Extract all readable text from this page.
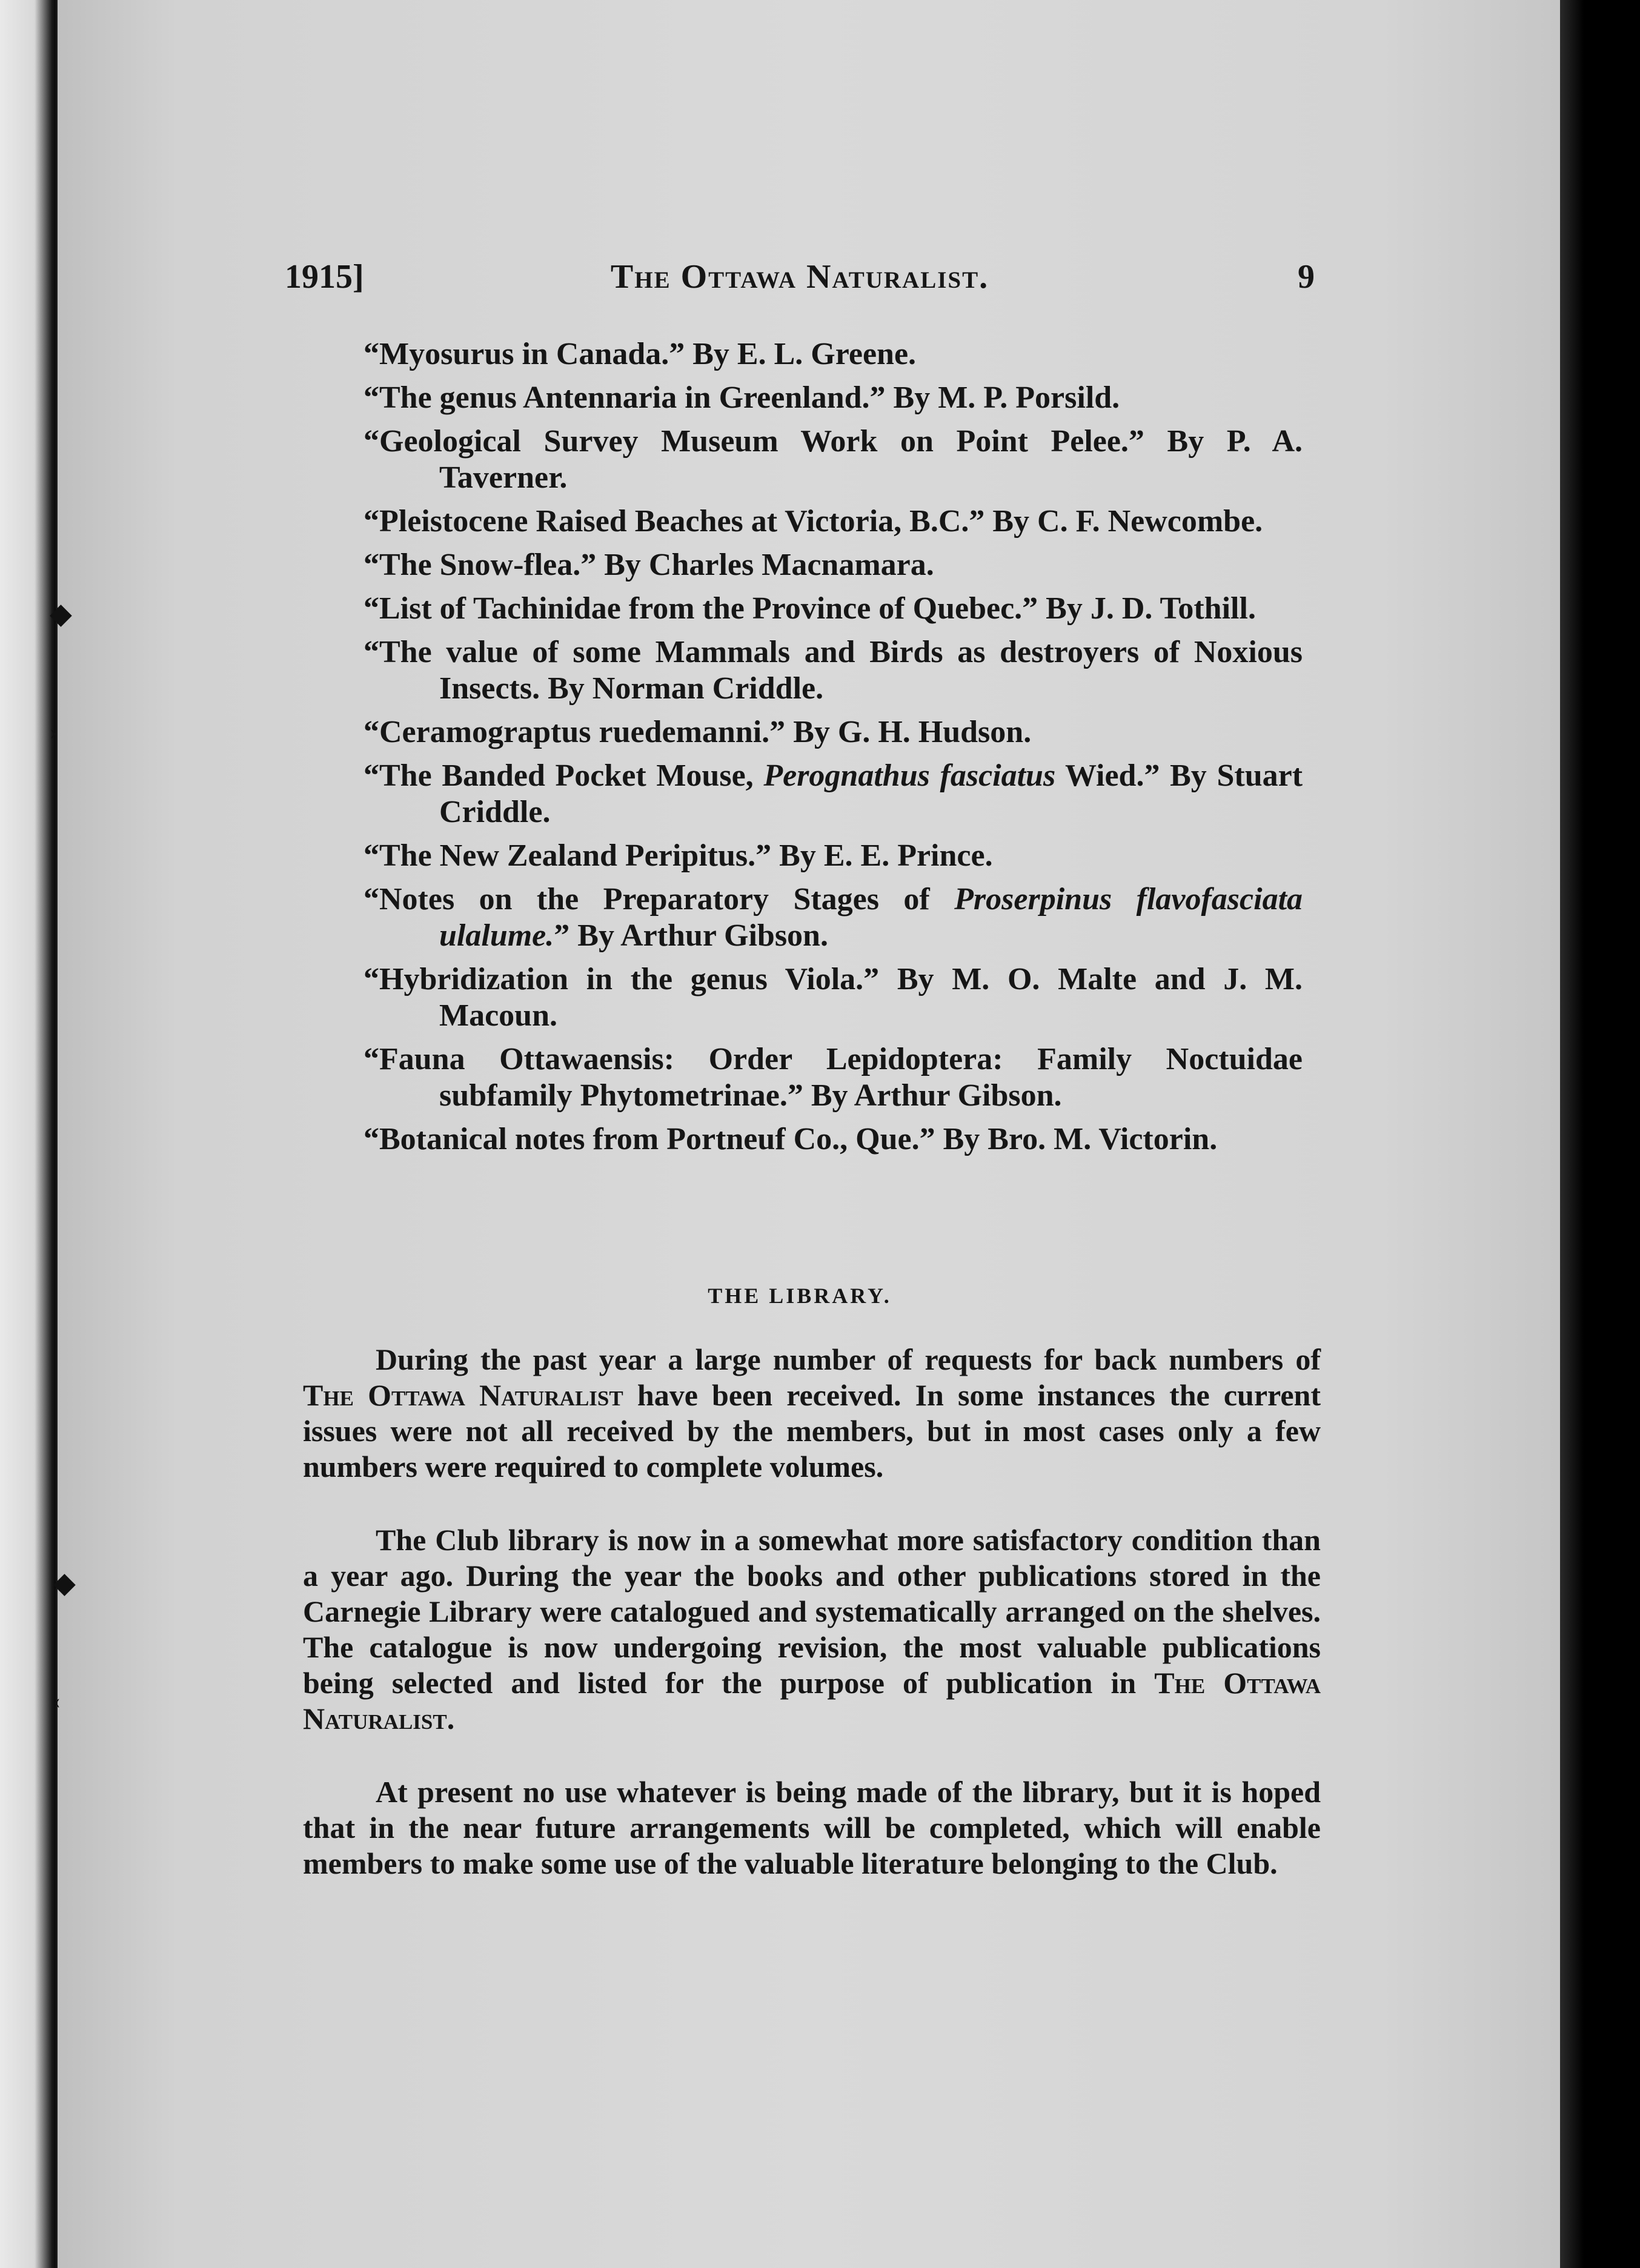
◆
›
◆
‹
1915]	The Ottawa Naturalist.	9
“Myosurus in Canada.” By E. L. Greene.
“The genus Antennaria in Greenland.” By M. P. Porsild.
“Geological Survey Museum Work on Point Pelee.” By P. A. Taverner.
“Pleistocene Raised Beaches at Victoria, B.C.” By C. F. Newcombe.
“The Snow-flea.” By Charles Macnamara.
“List of Tachinidae from the Province of Quebec.” By J. D. Tothill.
“The value of some Mammals and Birds as destroyers of Noxious Insects. By Norman Criddle.
“Ceramograptus ruedemanni.” By G. H. Hudson.
“The Banded Pocket Mouse, Perognathus fasciatus Wied.” By Stuart Criddle.
“The New Zealand Peripitus.” By E. E. Prince.
“Notes on the Preparatory Stages of Proserpinus flavofasciata ulalume.” By Arthur Gibson.
“Hybridization in the genus Viola.” By M. O. Malte and J. M. Macoun.
“Fauna Ottawaensis: Order Lepidoptera: Family Noctuidae subfamily Phytometrinae.” By Arthur Gibson.
“Botanical notes from Portneuf Co., Que.” By Bro. M. Victorin.
THE LIBRARY.

During the past year a large number of requests for back numbers of The Ottawa Naturalist have been received. In some instances the current issues were not all received by the members, but in most cases only a few numbers were required to complete volumes.

The Club library is now in a somewhat more satisfactory condition than a year ago. During the year the books and other publications stored in the Carnegie Library were catalogued and systematically arranged on the shelves. The catalogue is now undergoing revision, the most valuable publications being selected and listed for the purpose of publication in The Ottawa Naturalist.

At present no use whatever is being made of the library, but it is hoped that in the near future arrangements will be completed, which will enable members to make some use of the valuable literature belonging to the Club.
